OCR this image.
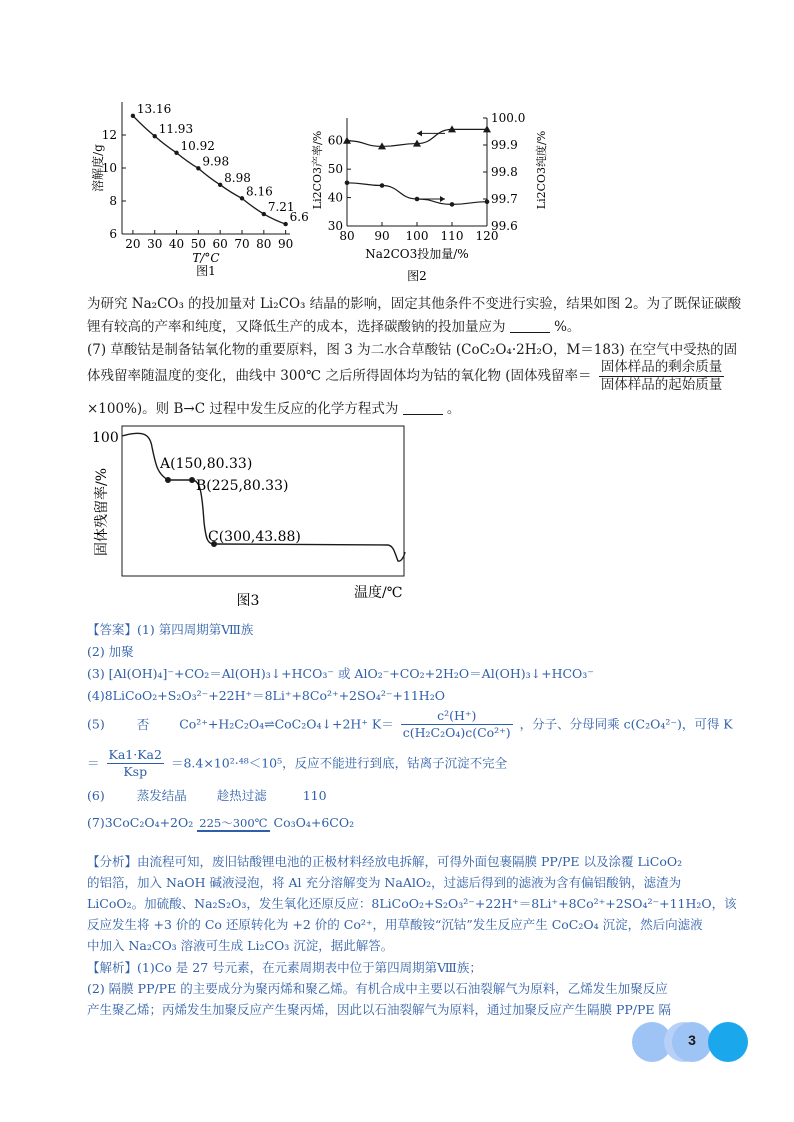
6
8
10
12
20 30 40 50 60 70 80 90
13.16
11.93
10.92
9.98
8.98
8.16
7.21
6.6
溶解度/g
T/°C
图1
30
40
50
60
99.6
99.7
99.8
99.9
100.0
80 90 100 110 120
Li2CO3产率/%	Li2CO3纯度/%
Na2CO3投加量/%
图2
为研究 Na₂CO₃ 的投加量对 Li₂CO₃ 结晶的影响，固定其他条件不变进行实验，结果如图 2。为了既保证碳酸
锂有较高的产率和纯度，又降低生产的成本，选择碳酸钠的投加量应为	%。
(7) 草酸钴是制备钴氧化物的重要原料，图 3 为二水合草酸钴 (CoC₂O₄·2H₂O，M＝183) 在空气中受热的固
体残留率随温度的变化，曲线中 300℃ 之后所得固体均为钴的氧化物 (固体残留率＝ $\frac{\text{固体样品的剩余质量}}{\text{固体样品的起始质量}}$
×100%)。则 B→C 过程中发生反应的化学方程式为	。
A(150,80.33)
B(225,80.33)
C(300,43.88)
100
固体残留率/%
图3	温度/℃
【答案】(1) 第四周期第Ⅷ族
(2) 加聚
(3) [Al(OH)₄]⁻+CO₂＝Al(OH)₃↓+HCO₃⁻ 或 AlO₂⁻+CO₂+2H₂O＝Al(OH)₃↓+HCO₃⁻
(4)8LiCoO₂+S₂O₃²⁻+22H⁺＝8Li⁺+8Co²⁺+2SO₄²⁻+11H₂O
(5)	否 Co²⁺+H₂C₂O₄⇌CoC₂O₄↓+2H⁺ $K= \frac{\text{c²(H⁺)}}{\text{c(H₂C₂O₄)c(Co²⁺)}}$ ，分子、分母同乘 c(C₂O₄²⁻)，可得 K
＝ $\frac{Ka1\cdot Ka2}{\text{Ksp}} =8.4\times 10^2\cdot^{48}<10^5$，反应不能进行到底，钴离子沉淀不完全
(6)	蒸发结晶 趁热过滤	110
(7)3CoC₂O₄+2O₂ 225～300℃ Co₃O₄+6CO₂
【分析】由流程可知，废旧钴酸锂电池的正极材料经放电拆解，可得外面包裹隔膜 PP/PE 以及涂覆 LiCoO₂
的铝箔，加入 NaOH 碱液浸泡，将 Al 充分溶解变为 NaAlO₂，过滤后得到的滤液为含有偏铝酸钠，滤渣为
LiCoO₂。加硫酸、Na₂S₂O₃，发生氧化还原反应：8LiCoO₂+S₂O₃²⁻+22H⁺＝8Li⁺+8Co²⁺+2SO₄²⁻+11H₂O，该
反应发生将 +3 价的 Co 还原转化为 +2 价的 Co²⁺，用草酸铵“沉钴”发生反应产生 CoC₂O₄ 沉淀，然后向滤液
中加入 Na₂CO₃ 溶液可生成 Li₂CO₃ 沉淀，据此解答。
【解析】(1)Co 是 27 号元素，在元素周期表中位于第四周期第Ⅷ族；
(2) 隔膜 PP/PE 的主要成分为聚丙烯和聚乙烯。有机合成中主要以石油裂解气为原料，乙烯发生加聚反应
产生聚乙烯；丙烯发生加聚反应产生聚丙烯，因此以石油裂解气为原料，通过加聚反应产生隔膜 PP/PE 隔
3
